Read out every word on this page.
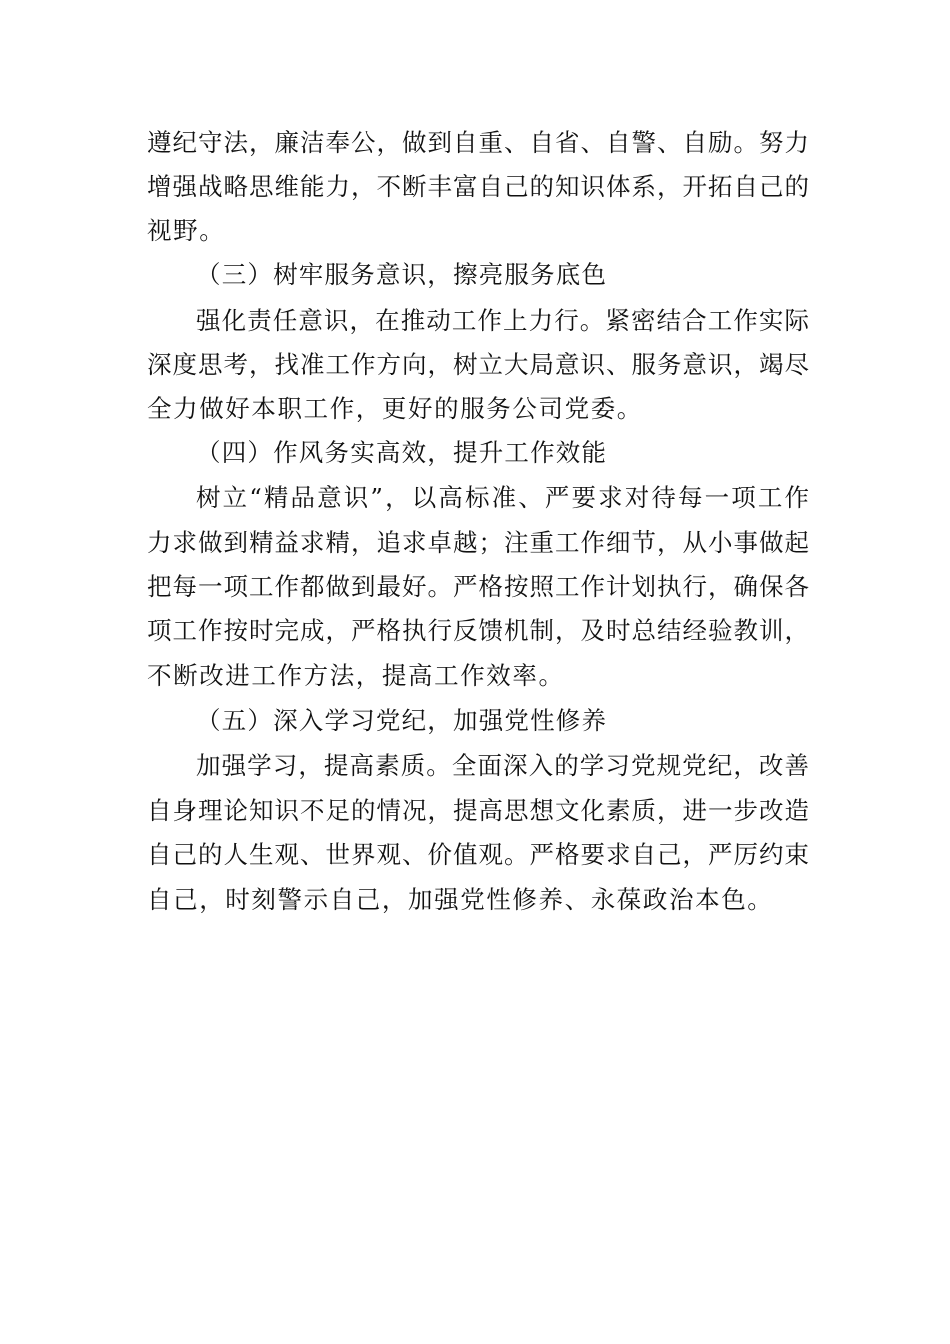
遵纪守法，廉洁奉公，做到自重、自省、自警、自励。努力
增强战略思维能力，不断丰富自己的知识体系，开拓自己的
视野。
（三）树牢服务意识，擦亮服务底色
强化责任意识，在推动工作上力行。紧密结合工作实际
深度思考，找准工作方向，树立大局意识、服务意识，竭尽
全力做好本职工作，更好的服务公司党委。
（四）作风务实高效，提升工作效能
树立“精品意识”，以高标准、严要求对待每一项工作
力求做到精益求精，追求卓越；注重工作细节，从小事做起
把每一项工作都做到最好。严格按照工作计划执行，确保各
项工作按时完成，严格执行反馈机制，及时总结经验教训，
不断改进工作方法，提高工作效率。
（五）深入学习党纪，加强党性修养
加强学习，提高素质。全面深入的学习党规党纪，改善
自身理论知识不足的情况，提高思想文化素质，进一步改造
自己的人生观、世界观、价值观。严格要求自己，严厉约束
自己，时刻警示自己，加强党性修养、永葆政治本色。
